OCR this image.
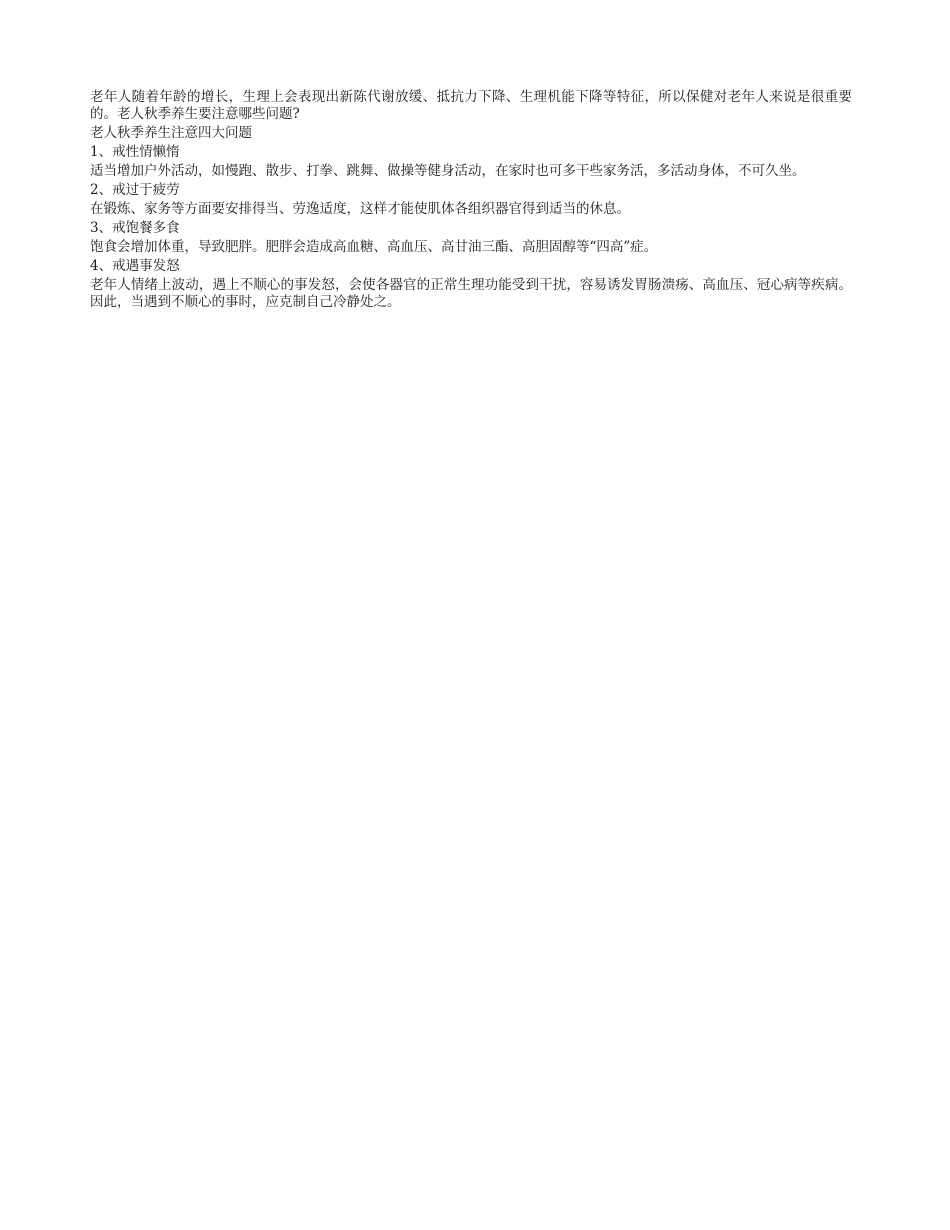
老年人随着年龄的增长，生理上会表现出新陈代谢放缓、抵抗力下降、生理机能下降等特征，所以保健对老年人来说是很重要的。老人秋季养生要注意哪些问题?

老人秋季养生注意四大问题

1、戒性情懒惰

适当增加户外活动，如慢跑、散步、打拳、跳舞、做操等健身活动，在家时也可多干些家务活，多活动身体，不可久坐。

2、戒过于疲劳

在锻炼、家务等方面要安排得当、劳逸适度，这样才能使肌体各组织器官得到适当的休息。

3、戒饱餐多食

饱食会增加体重，导致肥胖。肥胖会造成高血糖、高血压、高甘油三酯、高胆固醇等“四高”症。

4、戒遇事发怒

老年人情绪上波动，遇上不顺心的事发怒，会使各器官的正常生理功能受到干扰，容易诱发胃肠溃疡、高血压、冠心病等疾病。因此，当遇到不顺心的事时，应克制自己冷静处之。
